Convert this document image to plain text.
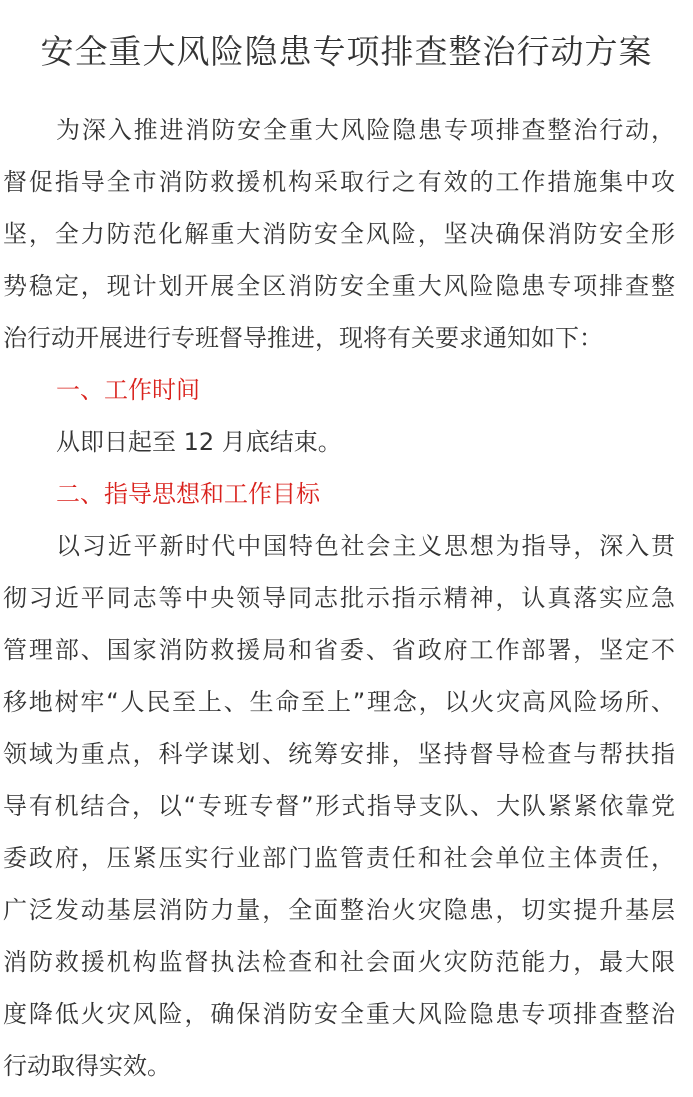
安全重大风险隐患专项排查整治行动方案
为深入推进消防安全重大风险隐患专项排查整治行动，
督促指导全市消防救援机构采取行之有效的工作措施集中攻
坚，全力防范化解重大消防安全风险，坚决确保消防安全形
势稳定，现计划开展全区消防安全重大风险隐患专项排查整
治行动开展进行专班督导推进，现将有关要求通知如下：
一、工作时间
从即日起至 12 月底结束。
二、指导思想和工作目标
以习近平新时代中国特色社会主义思想为指导，深入贯
彻习近平同志等中央领导同志批示指示精神，认真落实应急
管理部、国家消防救援局和省委、省政府工作部署，坚定不
移地树牢“人民至上、生命至上”理念，以火灾高风险场所、
领域为重点，科学谋划、统筹安排，坚持督导检查与帮扶指
导有机结合，以“专班专督”形式指导支队、大队紧紧依靠党
委政府，压紧压实行业部门监管责任和社会单位主体责任，
广泛发动基层消防力量，全面整治火灾隐患，切实提升基层
消防救援机构监督执法检查和社会面火灾防范能力，最大限
度降低火灾风险，确保消防安全重大风险隐患专项排查整治
行动取得实效。
